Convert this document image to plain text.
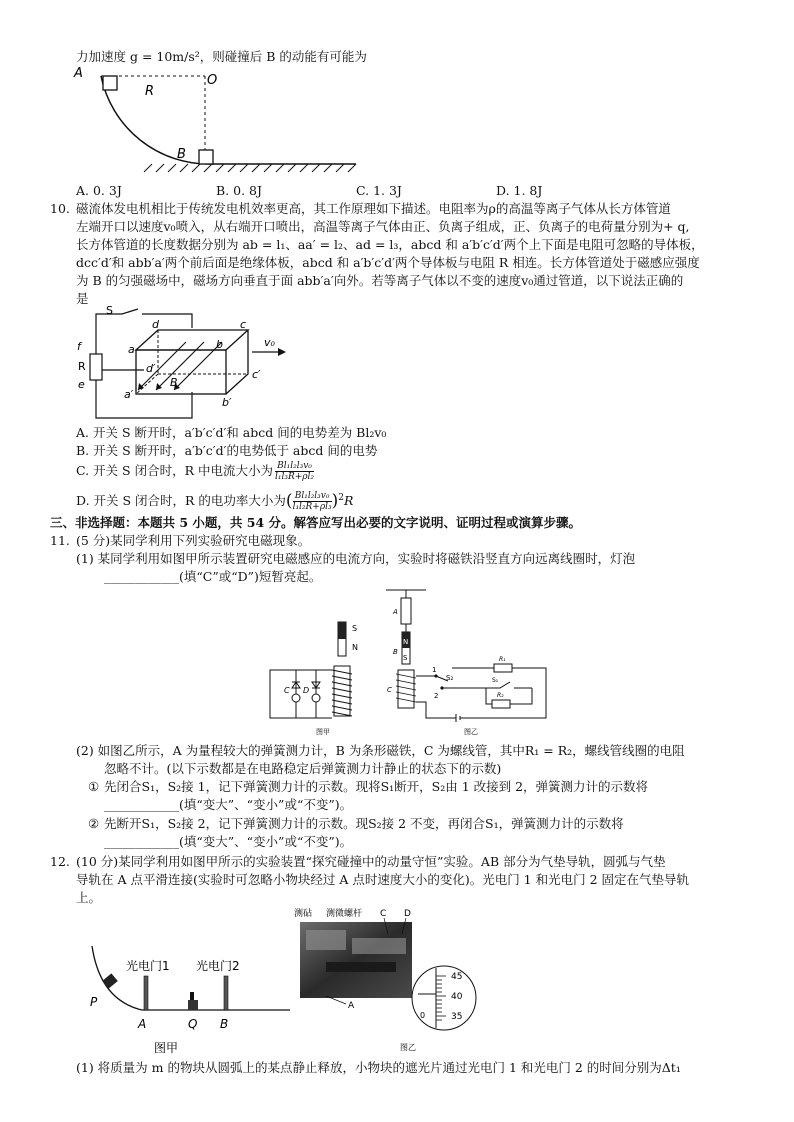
力加速度 g = 10m/s²，则碰撞后 B 的动能有可能为
A
R
O
B
A. 0. 3J	B. 0. 8J	C. 1. 3J	D. 1. 8J
10. 磁流体发电机相比于传统发电机效率更高，其工作原理如下描述。电阻率为ρ的高温等离子气体从长方体管道
左端开口以速度v₀喷入，从右端开口喷出，高温等离子气体由正、负离子组成，正、负离子的电荷量分别为+ q,
长方体管道的长度数据分别为 ab = l₁、aa′ = l₂、ad = l₃，abcd 和 a′b′c′d′两个上下面是电阻可忽略的导体板，
dcc′d′和 abb′a′两个前后面是绝缘体板，abcd 和 a′b′c′d′两个导体板与电阻 R 相连。长方体管道处于磁感应强度
为 B 的匀强磁场中，磁场方向垂直于面 abb′a′向外。若等离子气体以不变的速度v₀通过管道，以下说法正确的
是
S
f
R
e
a	b
c
d
a′
b′
c′
d′
B
v₀
A. 开关 S 断开时，a′b′c′d′和 abcd 间的电势差为 Bl₂v₀
B. 开关 S 断开时，a′b′c′d′的电势低于 abcd 间的电势
C. 开关 S 闭合时，R 中电流大小为 $\frac{\text{Bl₁l₂l₃v₀}}{\text{l₁l₃R+ρl₂}}$
D. 开关 S 闭合时，R 的电功率大小为( $\frac{\text{Bl₁l₂l₃v₀}}{\text{l₁l₂R+ρl₃}} )^2R$
三、非选择题：本题共 5 小题，共 54 分。解答应写出必要的文字说明、证明过程或演算步骤。
11. (5 分)某同学利用下列实验研究电磁现象。
(1) 某同学利用如图甲所示装置研究电磁感应的电流方向，实验时将磁铁沿竖直方向远离线圈时，灯泡
____________(填“C”或“D”)短暂亮起。
S
N
C D
图甲
A
N
S
B
C
1
2
S₂
R₁
S₁
R₂
图乙
(2) 如图乙所示，A 为量程较大的弹簧测力计，B 为条形磁铁，C 为螺线管，其中R₁ = R₂，螺线管线圈的电阻
忽略不计。(以下示数都是在电路稳定后弹簧测力计静止的状态下的示数)
① 先闭合S₁，S₂接 1，记下弹簧测力计的示数。现将S₁断开，S₂由 1 改接到 2，弹簧测力计的示数将
____________(填“变大”、“变小”或“不变”)。
② 先断开S₁，S₂接 2，记下弹簧测力计的示数。现S₂接 2 不变，再闭合S₁，弹簧测力计的示数将
____________(填“变大”、“变小”或“不变”)。
12. (10 分)某同学利用如图甲所示的实验装置“探究碰撞中的动量守恒”实验。AB 部分为气垫导轨，圆弧与气垫
导轨在 A 点平滑连接(实验时可忽略小物块经过 A 点时速度大小的变化)。光电门 1 和光电门 2 固定在气垫导轨
上。
光电门1 光电门2
P
A	Q B
图甲
测砧 测微螺杆 C D
A
45
40
35
0
图乙
(1) 将质量为 m 的物块从圆弧上的某点静止释放，小物块的遮光片通过光电门 1 和光电门 2 的时间分别为Δt₁
